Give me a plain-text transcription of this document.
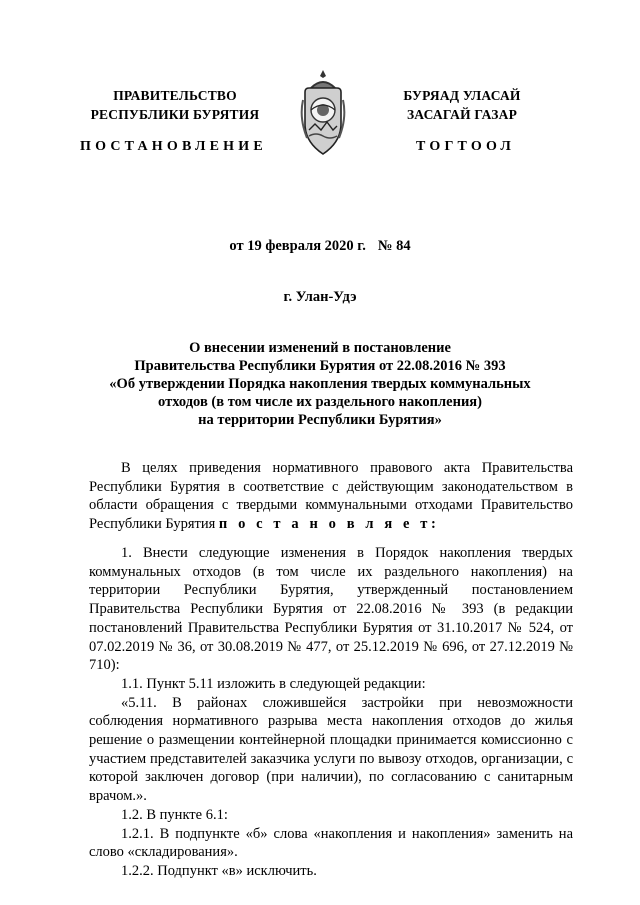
ПРАВИТЕЛЬСТВО
РЕСПУБЛИКИ БУРЯТИЯ
ПОСТАНОВЛЕНИЕ
БУРЯАД УЛАСАЙ
ЗАСАГАЙ ГАЗАР
ТОГТООЛ
от 19 февраля 2020 г. № 84
г. Улан-Удэ
О внесении изменений в постановление
Правительства Республики Бурятия от 22.08.2016 № 393
«Об утверждении Порядка накопления твердых коммунальных
отходов (в том числе их раздельного накопления)
на территории Республики Бурятия»

В целях приведения нормативного правового акта Правительства Республики Бурятия в соответствие с действующим законодательством в области обращения с твердыми коммунальными отходами Правительство Республики Бурятия п о с т а н о в л я е т:

1. Внести следующие изменения в Порядок накопления твердых коммунальных отходов (в том числе их раздельного накопления) на территории Республики Бурятия, утвержденный постановлением Правительства Республики Бурятия от 22.08.2016 № 393 (в редакции постановлений Правительства Республики Бурятия от 31.10.2017 № 524, от 07.02.2019 № 36, от 30.08.2019 № 477, от 25.12.2019 № 696, от 27.12.2019 № 710):

1.1. Пункт 5.11 изложить в следующей редакции:

«5.11. В районах сложившейся застройки при невозможности соблюдения нормативного разрыва места накопления отходов до жилья решение о размещении контейнерной площадки принимается комиссионно с участием представителей заказчика услуги по вывозу отходов, организации, с которой заключен договор (при наличии), по согласованию с санитарным врачом.».

1.2. В пункте 6.1:

1.2.1. В подпункте «б» слова «накопления и накопления» заменить на слово «складирования».

1.2.2. Подпункт «в» исключить.
